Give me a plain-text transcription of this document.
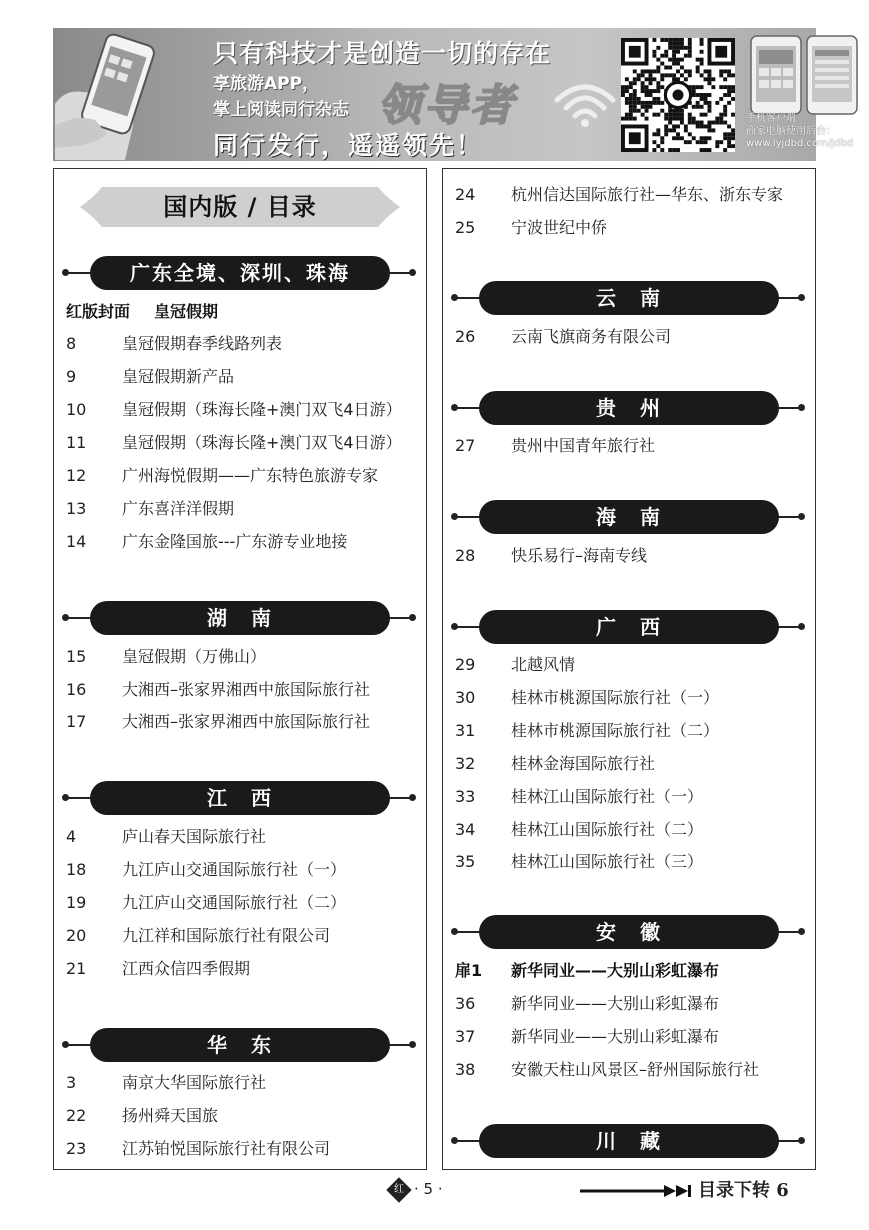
只有科技才是创造一切的存在
享旅游APP，
掌上阅读同行杂志 领导者
同行发行，遥遥领先！
手机客户端
商家电脑使用后台：
www.lyjdbd.com/jdbd
国内版 / 目录
广东全境、深圳、珠海
红版封面 皇冠假期
8	皇冠假期春季线路列表
9	皇冠假期新产品
10	皇冠假期（珠海长隆+澳门双飞4日游）
11	皇冠假期（珠海长隆+澳门双飞4日游）
12	广州海悦假期——广东特色旅游专家
13	广东喜洋洋假期
14	广东金隆国旅---广东游专业地接
湖　南
15	皇冠假期（万佛山）
16	大湘西–张家界湘西中旅国际旅行社
17	大湘西–张家界湘西中旅国际旅行社
江　西
4	庐山春天国际旅行社
18	九江庐山交通国际旅行社（一）
19	九江庐山交通国际旅行社（二）
20	九江祥和国际旅行社有限公司
21	江西众信四季假期
华　东
3	南京大华国际旅行社
22	扬州舜天国旅
23	江苏铂悦国际旅行社有限公司
24	杭州信达国际旅行社—华东、浙东专家
25	宁波世纪中侨
云　南
26	云南飞旗商务有限公司
贵　州
27	贵州中国青年旅行社
海　南
28	快乐易行–海南专线
广　西
29	北越风情
30	桂林市桃源国际旅行社（一）
31	桂林市桃源国际旅行社（二）
32	桂林金海国际旅行社
33	桂林江山国际旅行社（一）
34	桂林江山国际旅行社（二）
35	桂林江山国际旅行社（三）
安　徽
扉1	新华同业——大别山彩虹瀑布
36	新华同业——大别山彩虹瀑布
37	新华同业——大别山彩虹瀑布
38	安徽天柱山风景区–舒州国际旅行社
川　藏
红 · 5 ·	目录下转 6
